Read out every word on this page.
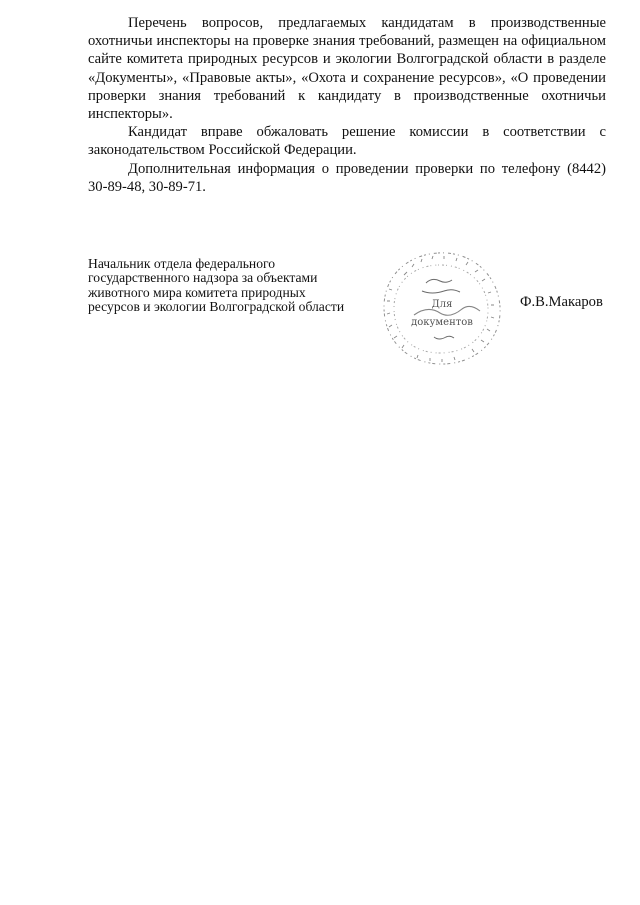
Перечень вопросов, предлагаемых кандидатам в производственные охотничьи инспекторы на проверке знания требований, размещен на официальном сайте комитета природных ресурсов и экологии Волгоградской области в разделе «Документы», «Правовые акты», «Охота и сохранение ресурсов», «О проведении проверки знания требований к кандидату в производственные охотничьи инспекторы».

Кандидат вправе обжаловать решение комиссии в соответствии с законодательством Российской Федерации.

Дополнительная информация о проведении проверки по телефону (8442) 30-89-48, 30-89-71.

Начальник отдела федерального
государственного надзора за объектами
животного мира комитета природных
ресурсов и экологии Волгоградской области	Для
документов
Ф.В.Макаров
